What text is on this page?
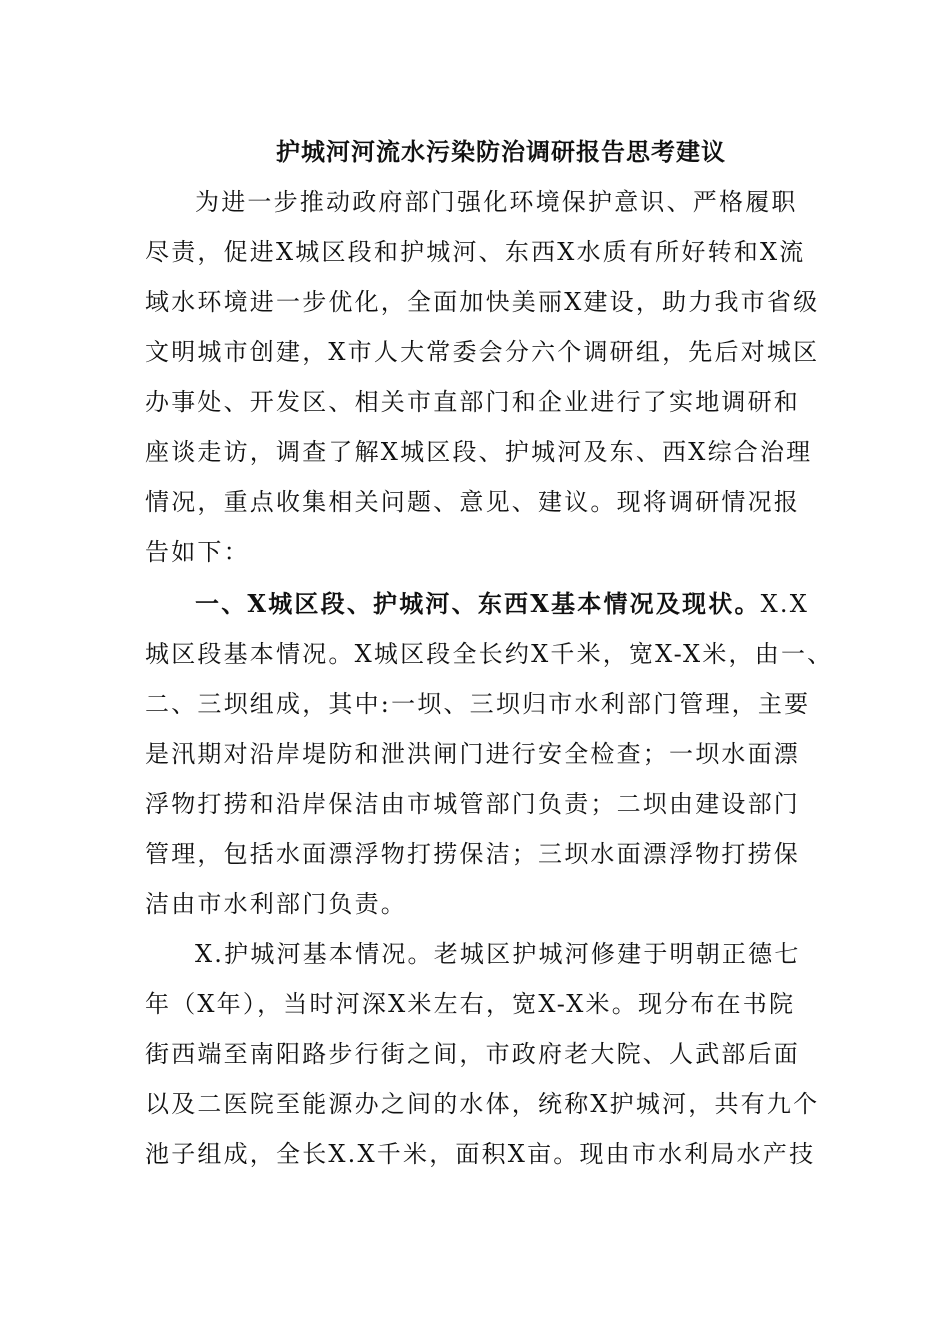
护城河河流水污染防治调研报告思考建议

为进一步推动政府部门强化环境保护意识、严格履职

尽责，促进X城区段和护城河、东西X水质有所好转和X流

域水环境进一步优化，全面加快美丽X建设，助力我市省级

文明城市创建，X市人大常委会分六个调研组，先后对城区

办事处、开发区、相关市直部门和企业进行了实地调研和

座谈走访，调查了解X城区段、护城河及东、西X综合治理

情况，重点收集相关问题、意见、建议。现将调研情况报

告如下：

一、X城区段、护城河、东西X基本情况及现状。X.X

城区段基本情况。X城区段全长约X千米，宽X-X米，由一、

二、三坝组成，其中:一坝、三坝归市水利部门管理，主要

是汛期对沿岸堤防和泄洪闸门进行安全检查；一坝水面漂

浮物打捞和沿岸保洁由市城管部门负责；二坝由建设部门

管理，包括水面漂浮物打捞保洁；三坝水面漂浮物打捞保

洁由市水利部门负责。

X.护城河基本情况。老城区护城河修建于明朝正德七

年（X年），当时河深X米左右，宽X-X米。现分布在书院

街西端至南阳路步行街之间，市政府老大院、人武部后面

以及二医院至能源办之间的水体，统称X护城河，共有九个

池子组成，全长X.X千米，面积X亩。现由市水利局水产技
